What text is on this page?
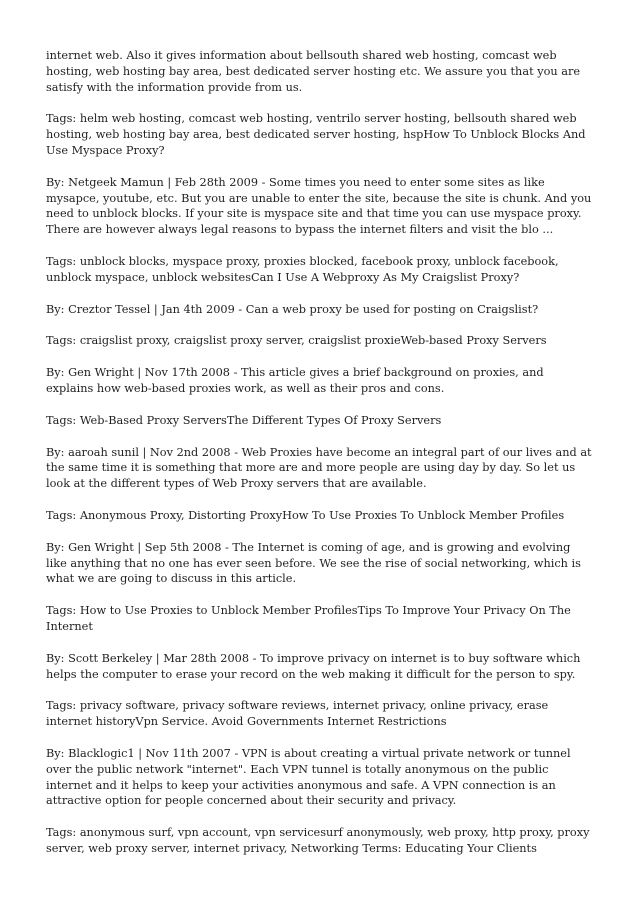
internet web. Also it gives information about bellsouth shared web hosting, comcast web hosting, web hosting bay area, best dedicated server hosting etc. We assure you that you are satisfy with the information provide from us.

Tags: helm web hosting, comcast web hosting, ventrilo server hosting, bellsouth shared web hosting, web hosting bay area, best dedicated server hosting, hspHow To Unblock Blocks And Use Myspace Proxy?

By: Netgeek Mamun | Feb 28th 2009 - Some times you need to enter some sites as like mysapce, youtube, etc. But you are unable to enter the site, because the site is chunk. And you need to unblock blocks. If your site is myspace site and that time you can use myspace proxy. There are however always legal reasons to bypass the internet filters and visit the blo ...

Tags: unblock blocks, myspace proxy, proxies blocked, facebook proxy, unblock facebook, unblock myspace, unblock websitesCan I Use A Webproxy As My Craigslist Proxy?

By: Creztor Tessel | Jan 4th 2009 - Can a web proxy be used for posting on Craigslist?

Tags: craigslist proxy, craigslist proxy server, craigslist proxieWeb-based Proxy Servers

By: Gen Wright | Nov 17th 2008 - This article gives a brief background on proxies, and explains how web-based proxies work, as well as their pros and cons.

Tags: Web-Based Proxy ServersThe Different Types Of Proxy Servers

By: aaroah sunil | Nov 2nd 2008 - Web Proxies have become an integral part of our lives and at the same time it is something that more are and more people are using day by day. So let us look at the different types of Web Proxy servers that are available.

Tags: Anonymous Proxy, Distorting ProxyHow To Use Proxies To Unblock Member Profiles

By: Gen Wright | Sep 5th 2008 - The Internet is coming of age, and is growing and evolving like anything that no one has ever seen before. We see the rise of social networking, which is what we are going to discuss in this article.

Tags: How to Use Proxies to Unblock Member ProfilesTips To Improve Your Privacy On The Internet

By: Scott Berkeley | Mar 28th 2008 - To improve privacy on internet is to buy software which helps the computer to erase your record on the web making it difficult for the person to spy.

Tags: privacy software, privacy software reviews, internet privacy, online privacy, erase internet historyVpn Service. Avoid Governments Internet Restrictions

By: Blacklogic1 | Nov 11th 2007 - VPN is about creating a virtual private network or tunnel over the public network "internet". Each VPN tunnel is totally anonymous on the public internet and it helps to keep your activities anonymous and safe. A VPN connection is an attractive option for people concerned about their security and privacy.

Tags: anonymous surf, vpn account, vpn servicesurf anonymously, web proxy, http proxy, proxy server, web proxy server, internet privacy, Networking Terms: Educating Your Clients
